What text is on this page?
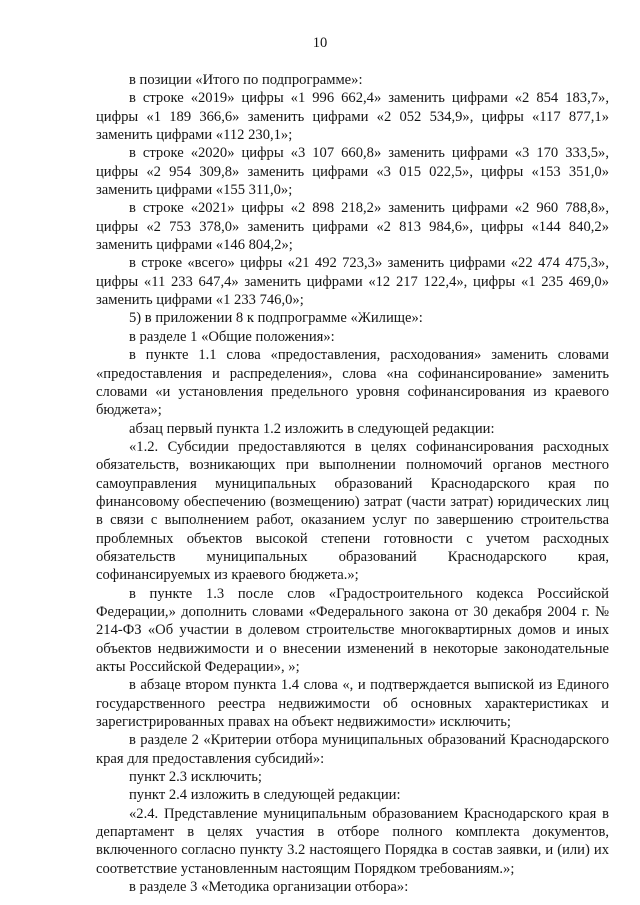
10

в позиции «Итого по подпрограмме»:

в строке «2019» цифры «1 996 662,4» заменить цифрами «2 854 183,7», цифры «1 189 366,6» заменить цифрами «2 052 534,9», цифры «117 877,1» заменить цифрами «112 230,1»;

в строке «2020» цифры «3 107 660,8» заменить цифрами «3 170 333,5», цифры «2 954 309,8» заменить цифрами «3 015 022,5», цифры «153 351,0» заменить цифрами «155 311,0»;

в строке «2021» цифры «2 898 218,2» заменить цифрами «2 960 788,8», цифры «2 753 378,0» заменить цифрами «2 813 984,6», цифры «144 840,2» заменить цифрами «146 804,2»;

в строке «всего» цифры «21 492 723,3» заменить цифрами «22 474 475,3», цифры «11 233 647,4» заменить цифрами «12 217 122,4», цифры «1 235 469,0» заменить цифрами «1 233 746,0»;

5) в приложении 8 к подпрограмме «Жилище»:

в разделе 1 «Общие положения»:

в пункте 1.1 слова «предоставления, расходования» заменить словами «предоставления и распределения», слова «на софинансирование» заменить словами «и установления предельного уровня софинансирования из краевого бюджета»;

абзац первый пункта 1.2 изложить в следующей редакции:

«1.2. Субсидии предоставляются в целях софинансирования расходных обязательств, возникающих при выполнении полномочий органов местного самоуправления муниципальных образований Краснодарского края по финансовому обеспечению (возмещению) затрат (части затрат) юридических лиц в связи с выполнением работ, оказанием услуг по завершению строительства проблемных объектов высокой степени готовности с учетом расходных обязательств муниципальных образований Краснодарского края, софинансируемых из краевого бюджета.»;

в пункте 1.3 после слов «Градостроительного кодекса Российской Федерации,» дополнить словами «Федерального закона от 30 декабря 2004 г. № 214-ФЗ «Об участии в долевом строительстве многоквартирных домов и иных объектов недвижимости и о внесении изменений в некоторые законодательные акты Российской Федерации», »;

в абзаце втором пункта 1.4 слова «, и подтверждается выпиской из Единого государственного реестра недвижимости об основных характеристиках и зарегистрированных правах на объект недвижимости» исключить;

в разделе 2 «Критерии отбора муниципальных образований Краснодарского края для предоставления субсидий»:

пункт 2.3 исключить;

пункт 2.4 изложить в следующей редакции:

«2.4. Представление муниципальным образованием Краснодарского края в департамент в целях участия в отборе полного комплекта документов, включенного согласно пункту 3.2 настоящего Порядка в состав заявки, и (или) их соответствие установленным настоящим Порядком требованиям.»;

в разделе 3 «Методика организации отбора»:
